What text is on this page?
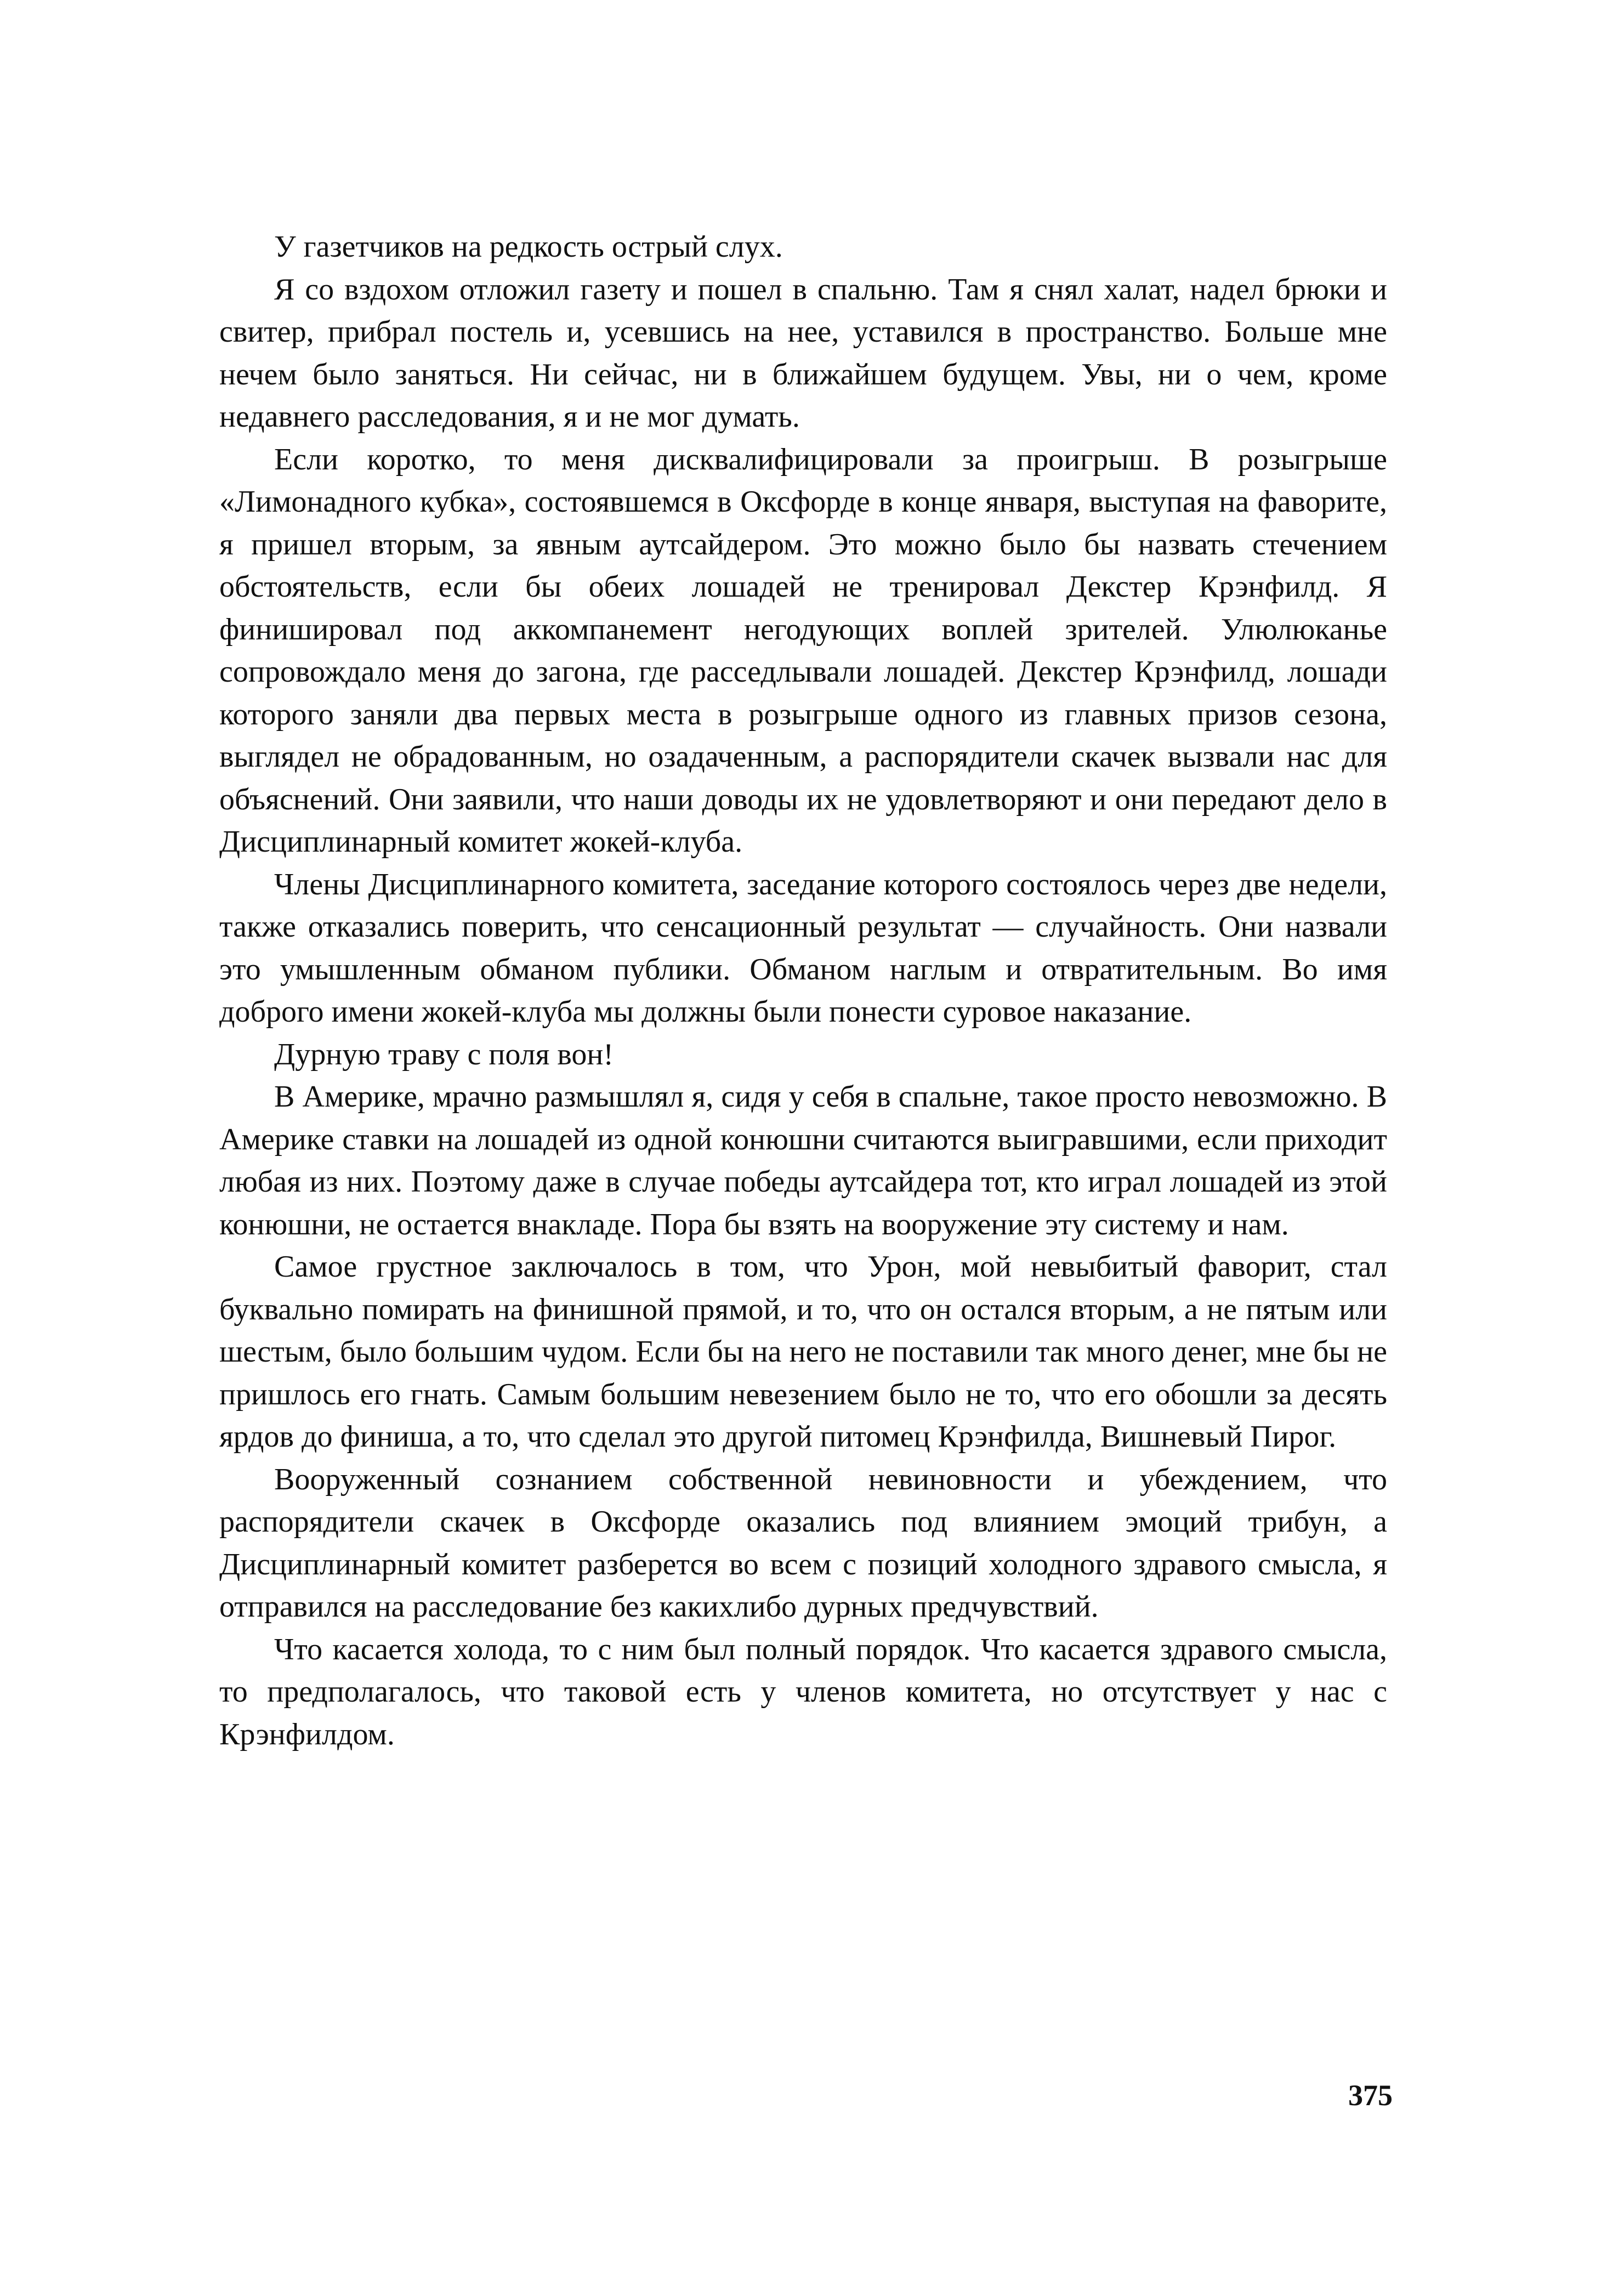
У газетчиков на редкость острый слух.

Я со вздохом отложил газету и пошел в спальню. Там я снял халат, надел брюки и свитер, прибрал постель и, усевшись на нее, уставился в пространство. Больше мне нечем было заняться. Ни сейчас, ни в ближайшем будущем. Увы, ни о чем, кроме недавнего расследования, я и не мог думать.

Если коротко, то меня дисквалифицировали за проигрыш. В розыгрыше «Лимонадного кубка», состоявшемся в Оксфорде в конце января, выступая на фаворите, я пришел вторым, за явным аутсайдером. Это можно было бы назвать стечением обстоятельств, если бы обеих лошадей не тренировал Декстер Крэнфилд. Я финишировал под аккомпанемент негодующих воплей зрителей. Улюлюканье сопровождало меня до загона, где расседлывали лошадей. Декстер Крэнфилд, лошади которого заняли два первых места в розыгрыше одного из главных призов сезона, выглядел не обрадованным, но озадаченным, а распорядители скачек вызвали нас для объяснений. Они заявили, что наши доводы их не удовлетворяют и они передают дело в Дисциплинарный комитет жокей-клуба.

Члены Дисциплинарного комитета, заседание которого состоялось через две недели, также отказались поверить, что сенсационный результат — случайность. Они назвали это умышленным обманом публики. Обманом наглым и отвратительным. Во имя доброго имени жокей-клуба мы должны были понести суровое наказание.

Дурную траву с поля вон!

В Америке, мрачно размышлял я, сидя у себя в спальне, такое просто невозможно. В Америке ставки на лошадей из одной конюшни считаются выигравшими, если приходит любая из них. Поэтому даже в случае победы аутсайдера тот, кто играл лошадей из этой конюшни, не остается внакладе. Пора бы взять на вооружение эту систему и нам.

Самое грустное заключалось в том, что Урон, мой невыбитый фаворит, стал буквально помирать на финишной прямой, и то, что он остался вторым, а не пятым или шестым, было большим чудом. Если бы на него не поставили так много денег, мне бы не пришлось его гнать. Самым большим невезением было не то, что его обошли за десять ярдов до финиша, а то, что сделал это другой питомец Крэнфилда, Вишневый Пирог.

Вооруженный сознанием собственной невиновности и убеждением, что распорядители скачек в Оксфорде оказались под влиянием эмоций трибун, а Дисциплинарный комитет разберется во всем с позиций холодного здравого смысла, я отправился на расследование без какихлибо дурных предчувствий.

Что касается холода, то с ним был полный порядок. Что касается здравого смысла, то предполагалось, что таковой есть у членов комитета, но отсутствует у нас с Крэнфилдом.

375
